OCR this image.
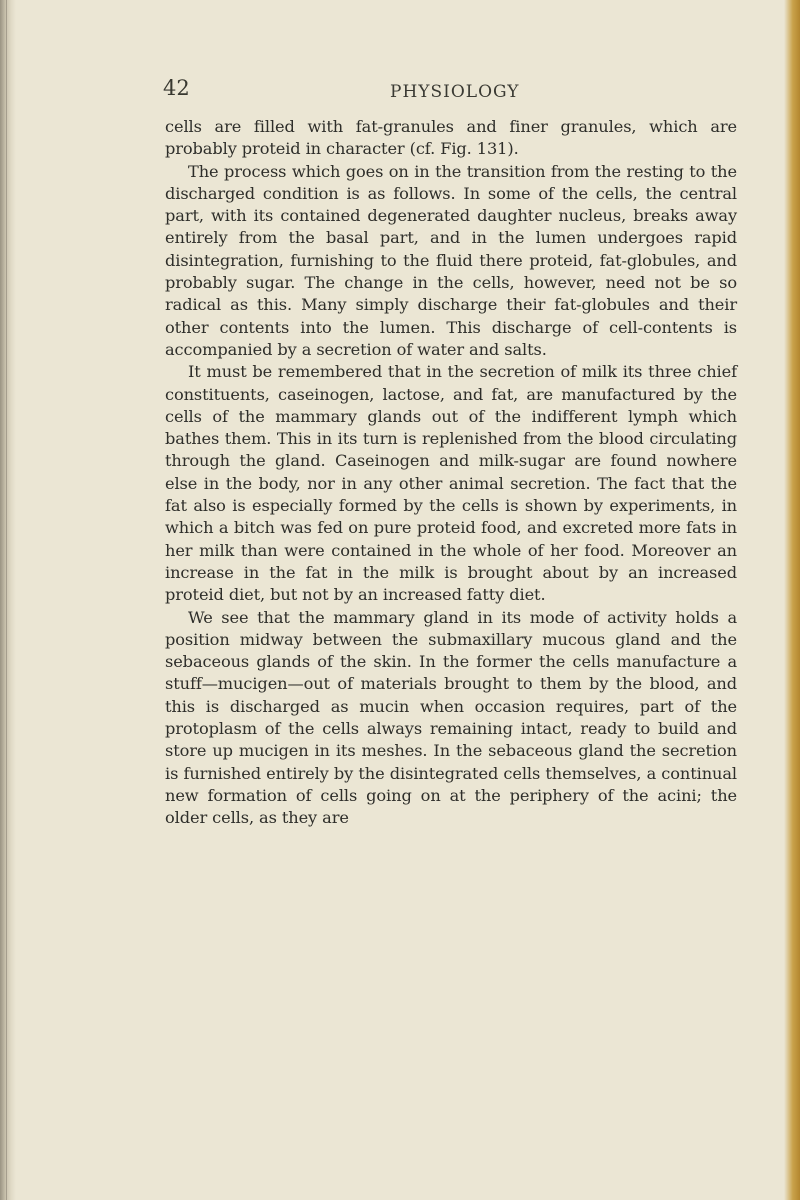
42	PHYSIOLOGY

cells are filled with fat-granules and finer granules, which are probably proteid in character (cf. Fig. 131).

The process which goes on in the transition from the resting to the discharged condition is as follows. In some of the cells, the central part, with its contained degenerated daughter nucleus, breaks away entirely from the basal part, and in the lumen undergoes rapid disintegration, furnishing to the fluid there proteid, fat-globules, and probably sugar. The change in the cells, however, need not be so radical as this. Many simply discharge their fat-globules and their other contents into the lumen. This discharge of cell-contents is accompanied by a secretion of water and salts.

It must be remembered that in the secretion of milk its three chief constituents, caseinogen, lactose, and fat, are manufactured by the cells of the mammary glands out of the indifferent lymph which bathes them. This in its turn is replenished from the blood circulating through the gland. Caseinogen and milk-sugar are found nowhere else in the body, nor in any other animal secretion. The fact that the fat also is especially formed by the cells is shown by experiments, in which a bitch was fed on pure proteid food, and excreted more fats in her milk than were contained in the whole of her food. Moreover an increase in the fat in the milk is brought about by an increased proteid diet, but not by an increased fatty diet.

We see that the mammary gland in its mode of activity holds a position midway between the submaxillary mucous gland and the sebaceous glands of the skin. In the former the cells manufacture a stuff—mucigen—out of materials brought to them by the blood, and this is discharged as mucin when occasion requires, part of the protoplasm of the cells always remaining intact, ready to build and store up mucigen in its meshes. In the sebaceous gland the secretion is furnished entirely by the disintegrated cells themselves, a continual new formation of cells going on at the periphery of the acini; the older cells, as they are
